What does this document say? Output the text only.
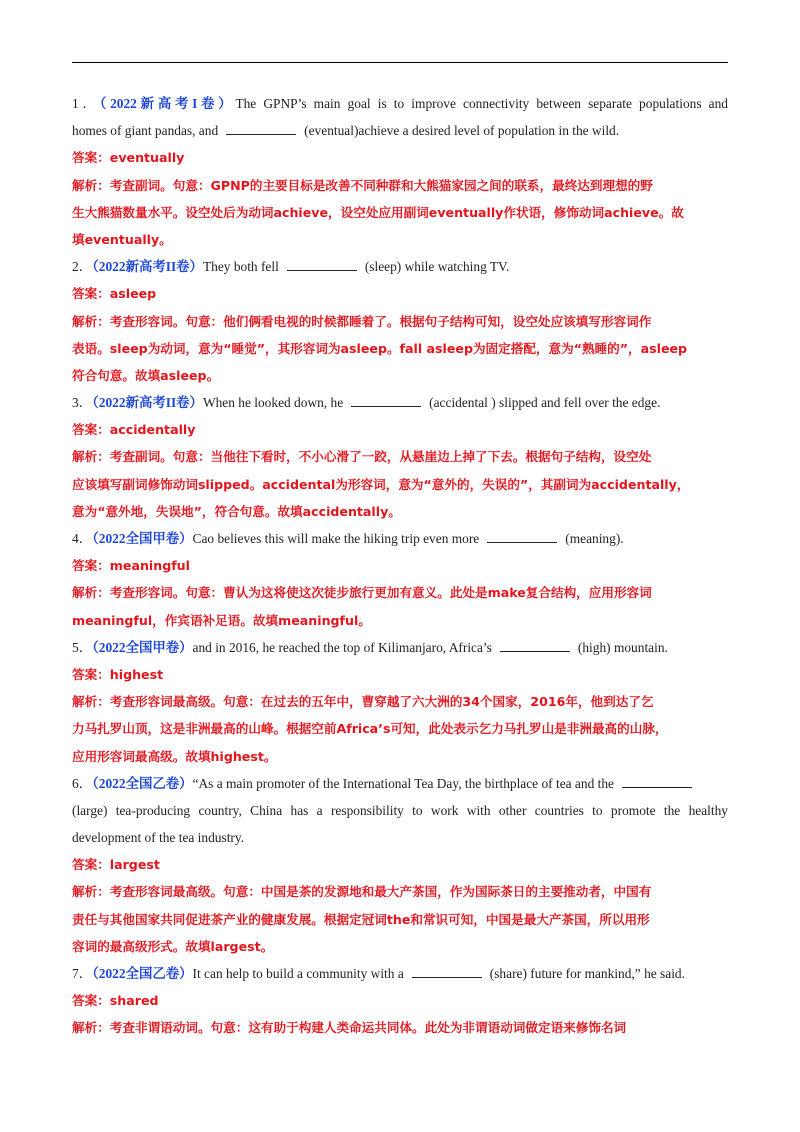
1．（2022新高考I卷）The GPNP’s main goal is to improve connectivity between separate populations and
homes of giant pandas, and	(eventual)achieve a desired level of population in the wild.
答案：eventually
解析：考查副词。句意：GPNP的主要目标是改善不同种群和大熊猫家园之间的联系，最终达到理想的野
生大熊猫数量水平。设空处后为动词achieve，设空处应用副词eventually作状语，修饰动词achieve。故
填eventually。
2．（2022新高考II卷）They both fell	(sleep) while watching TV.
答案：asleep
解析：考查形容词。句意：他们俩看电视的时候都睡着了。根据句子结构可知，设空处应该填写形容词作
表语。sleep为动词，意为“睡觉”，其形容词为asleep。fall asleep为固定搭配，意为“熟睡的”，asleep
符合句意。故填asleep。
3．（2022新高考II卷）When he looked down, he	(accidental ) slipped and fell over the edge.
答案：accidentally
解析：考查副词。句意：当他往下看时，不小心滑了一跤，从悬崖边上掉了下去。根据句子结构，设空处
应该填写副词修饰动词slipped。accidental为形容词，意为“意外的，失误的”，其副词为accidentally，
意为“意外地，失误地”，符合句意。故填accidentally。
4．（2022全国甲卷）Cao believes this will make the hiking trip even more	(meaning).
答案：meaningful
解析：考查形容词。句意：曹认为这将使这次徒步旅行更加有意义。此处是make复合结构，应用形容词
meaningful，作宾语补足语。故填meaningful。
5．（2022全国甲卷）and in 2016, he reached the top of Kilimanjaro, Africa’s	(high) mountain.
答案：highest
解析：考查形容词最高级。句意：在过去的五年中，曹穿越了六大洲的34个国家，2016年，他到达了乞
力马扎罗山顶，这是非洲最高的山峰。根据空前Africa’s可知，此处表示乞力马扎罗山是非洲最高的山脉，
应用形容词最高级。故填highest。
6．（2022全国乙卷）“As a main promoter of the International Tea Day, the birthplace of tea and the
(large) tea-producing country, China has a responsibility to work with other countries to promote the healthy
development of the tea industry.
答案：largest
解析：考查形容词最高级。句意：中国是茶的发源地和最大产茶国，作为国际茶日的主要推动者，中国有
责任与其他国家共同促进茶产业的健康发展。根据定冠词the和常识可知，中国是最大产茶国，所以用形
容词的最高级形式。故填largest。
7．（2022全国乙卷）It can help to build a community with a	(share) future for mankind,” he said.
答案：shared
解析：考查非谓语动词。句意：这有助于构建人类命运共同体。此处为非谓语动词做定语来修饰名词
